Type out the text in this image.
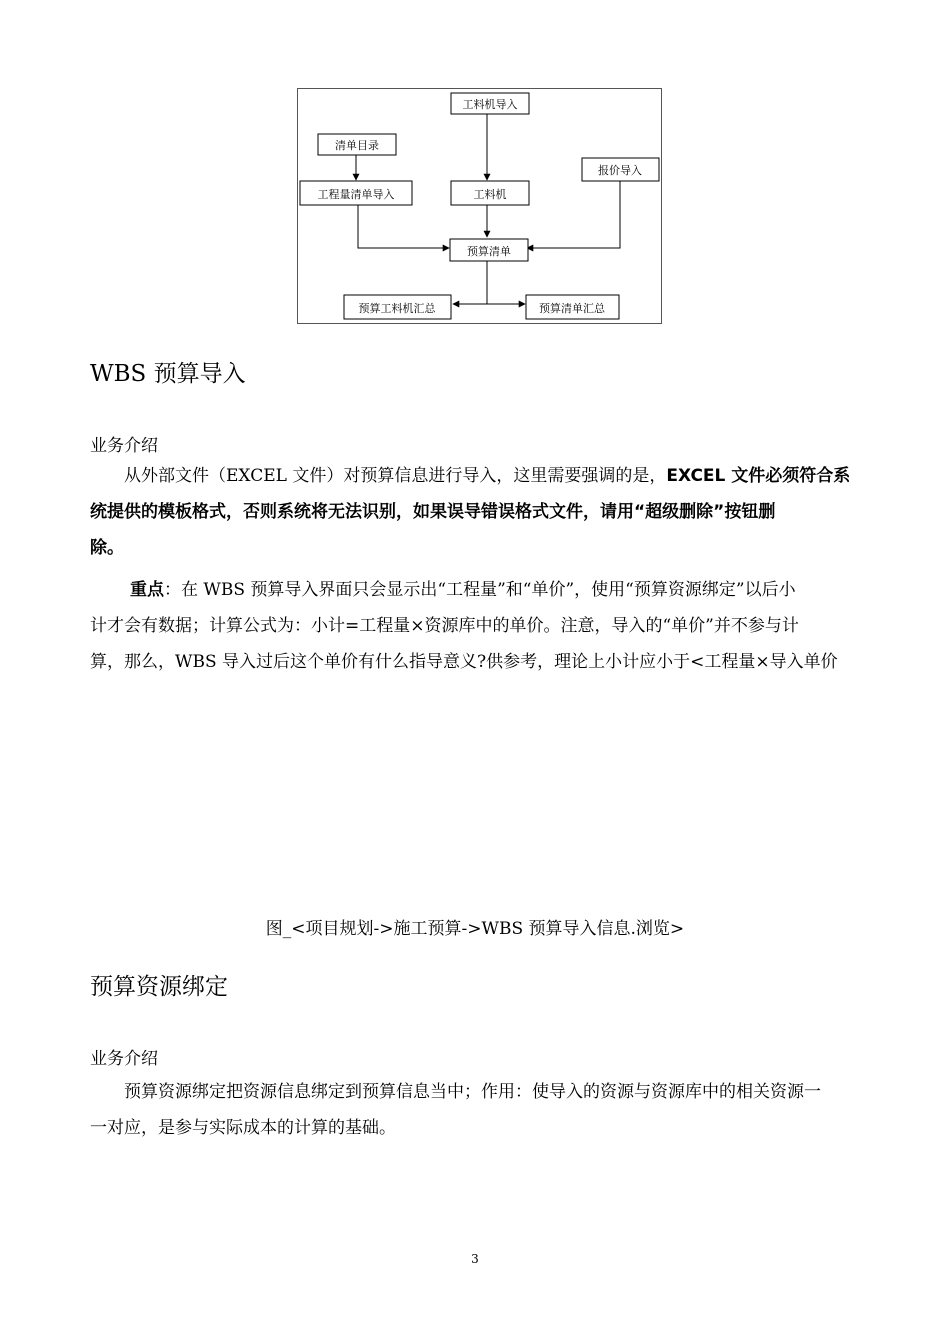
工料机导入
清单目录
报价导入
工程量清单导入	工料机
预算清单
预算工料机汇总	预算清单汇总
WBS 预算导入
业务介绍

从外部文件（EXCEL 文件）对预算信息进行导入，这里需要强调的是，EXCEL 文件必须符合系
统提供的模板格式，否则系统将无法识别，如果误导错误格式文件，请用“超级删除”按钮删
除。

重点：在 WBS 预算导入界面只会显示出“工程量”和“单价”，使用“预算资源绑定”以后小
计才会有数据；计算公式为：小计=工程量×资源库中的单价。注意，导入的“单价”并不参与计
算，那么，WBS 导入过后这个单价有什么指导意义?供参考，理论上小计应小于<工程量×导入单价

图_<项目规划->施工预算->WBS 预算导入信息.浏览>
预算资源绑定
业务介绍

预算资源绑定把资源信息绑定到预算信息当中；作用：使导入的资源与资源库中的相关资源一
一对应，是参与实际成本的计算的基础。

3
